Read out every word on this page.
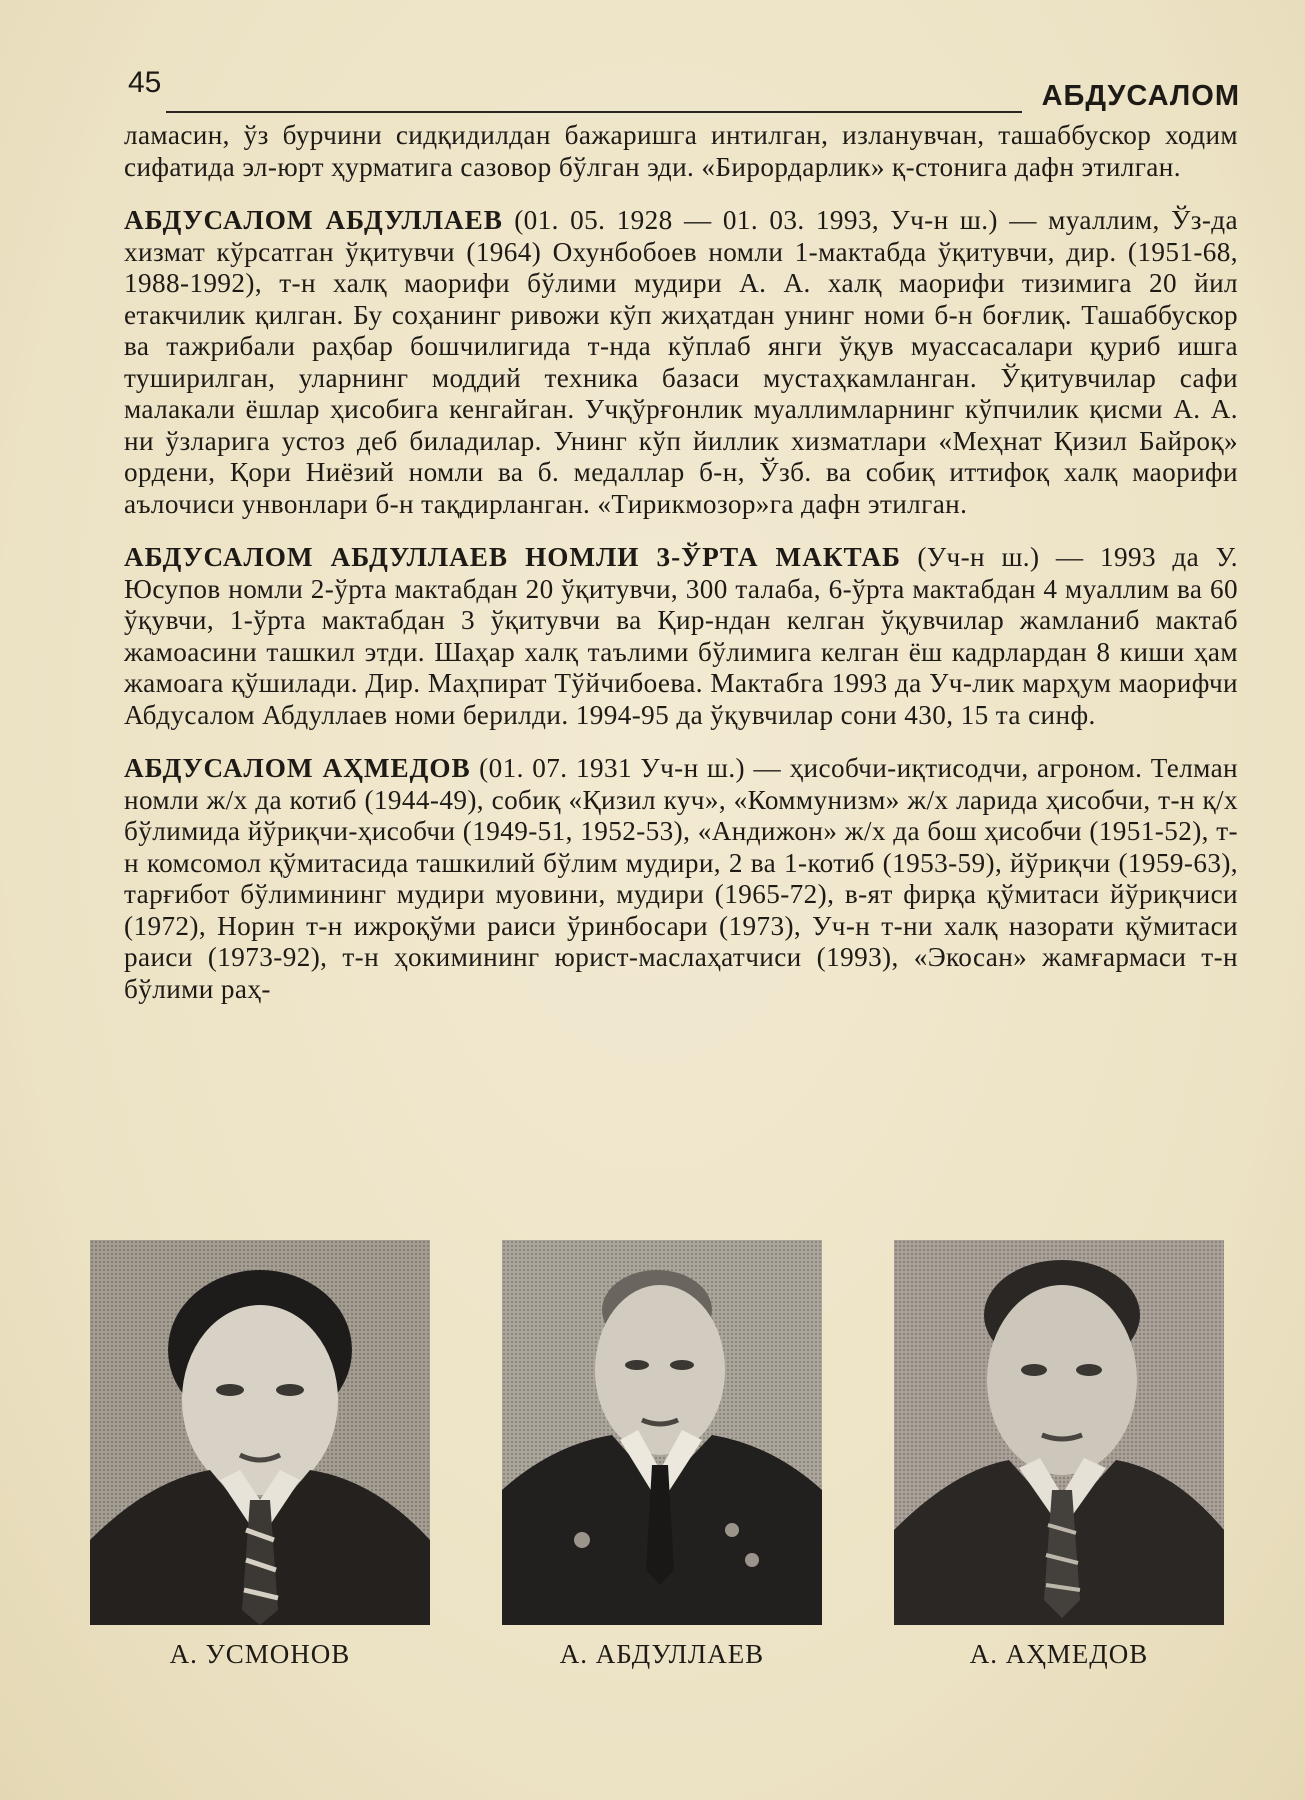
45	АБДУСАЛОМ

ламасин, ўз бурчини сидқидилдан бажаришга интилган, изланувчан, ташаббускор ходим сифатида эл-юрт ҳурматига сазовор бўлган эди. «Бирордарлик» қ-стонига дафн этилган.

АБДУСАЛОМ АБДУЛЛАЕВ (01. 05. 1928 — 01. 03. 1993, Уч-н ш.) — муаллим, Ўз-да хизмат кўрсатган ўқитувчи (1964) Охунбобоев номли 1-мактабда ўқитувчи, дир. (1951-68, 1988-1992), т-н халқ маорифи бўлими мудири А. А. халқ маорифи тизимига 20 йил етакчилик қилган. Бу соҳанинг ривожи кўп жиҳатдан унинг номи б-н боғлиқ. Ташаббускор ва тажрибали раҳбар бошчилигида т-нда кўплаб янги ўқув муассасалари қуриб ишга туширилган, уларнинг моддий техника базаси мустаҳкамланган. Ўқитувчилар сафи малакали ёшлар ҳисобига кенгайган. Учқўрғонлик муаллимларнинг кўпчилик қисми А. А. ни ўзларига устоз деб биладилар. Унинг кўп йиллик хизматлари «Меҳнат Қизил Байроқ» ордени, Қори Ниёзий номли ва б. медаллар б-н, Ўзб. ва собиқ иттифоқ халқ маорифи аълочиси унвонлари б-н тақдирланган. «Тирикмозор»га дафн этилган.

АБДУСАЛОМ АБДУЛЛАЕВ НОМЛИ 3-ЎРТА МАКТАБ (Уч-н ш.) — 1993 да У. Юсупов номли 2-ўрта мактабдан 20 ўқитувчи, 300 талаба, 6-ўрта мактабдан 4 муаллим ва 60 ўқувчи, 1-ўрта мактабдан 3 ўқитувчи ва Қир-ндан келган ўқувчилар жамланиб мактаб жамоасини ташкил этди. Шаҳар халқ таълими бўлимига келган ёш кадрлардан 8 киши ҳам жамоага қўшилади. Дир. Маҳпират Тўйчибоева. Мактабга 1993 да Уч-лик марҳум маорифчи Абдусалом Абдуллаев номи берилди. 1994-95 да ўқувчилар сони 430, 15 та синф.

АБДУСАЛОМ АҲМЕДОВ (01. 07. 1931 Уч-н ш.) — ҳисобчи-иқтисодчи, агроном. Телман номли ж/х да котиб (1944-49), собиқ «Қизил куч», «Коммунизм» ж/х ларида ҳисобчи, т-н қ/х бўлимида йўриқчи-ҳисобчи (1949-51, 1952-53), «Андижон» ж/х да бош ҳисобчи (1951-52), т-н комсомол қўмитасида ташкилий бўлим мудири, 2 ва 1-котиб (1953-59), йўриқчи (1959-63), тарғибот бўлимининг мудири муовини, мудири (1965-72), в-ят фирқа қўмитаси йўриқчиси (1972), Норин т-н ижроқўми раиси ўринбосари (1973), Уч-н т-ни халқ назорати қўмитаси раиси (1973-92), т-н ҳокимининг юрист-маслаҳатчиси (1993), «Экосан» жамғармаси т-н бўлими раҳ-

А. УСМОНОВ	А. АБДУЛЛАЕВ	А. АҲМЕДОВ
